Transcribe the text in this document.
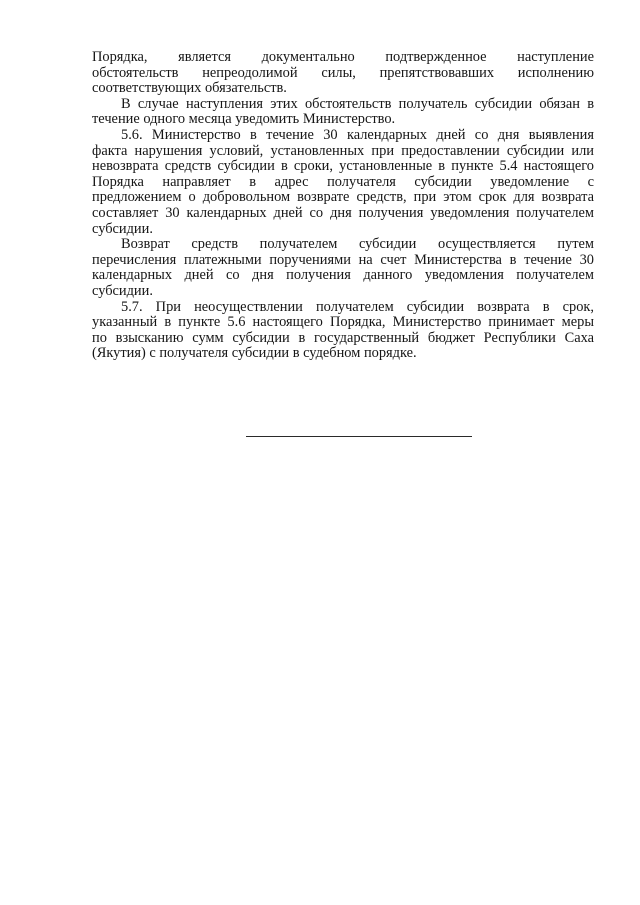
Порядка, является документально подтвержденное наступление
обстоятельств непреодолимой силы, препятствовавших исполнению
соответствующих обязательств.
В случае наступления этих обстоятельств получатель субсидии обязан в
течение одного месяца уведомить Министерство.
5.6. Министерство в течение 30 календарных дней со дня выявления
факта нарушения условий, установленных при предоставлении субсидии или
невозврата средств субсидии в сроки, установленные в пункте 5.4 настоящего
Порядка направляет в адрес получателя субсидии уведомление с
предложением о добровольном возврате средств, при этом срок для возврата
составляет 30 календарных дней со дня получения уведомления получателем
субсидии.
Возврат средств получателем субсидии осуществляется путем
перечисления платежными поручениями на счет Министерства в течение 30
календарных дней со дня получения данного уведомления получателем
субсидии.
5.7. При неосуществлении получателем субсидии возврата в срок,
указанный в пункте 5.6 настоящего Порядка, Министерство принимает меры
по взысканию сумм субсидии в государственный бюджет Республики Саха
(Якутия) с получателя субсидии в судебном порядке.
